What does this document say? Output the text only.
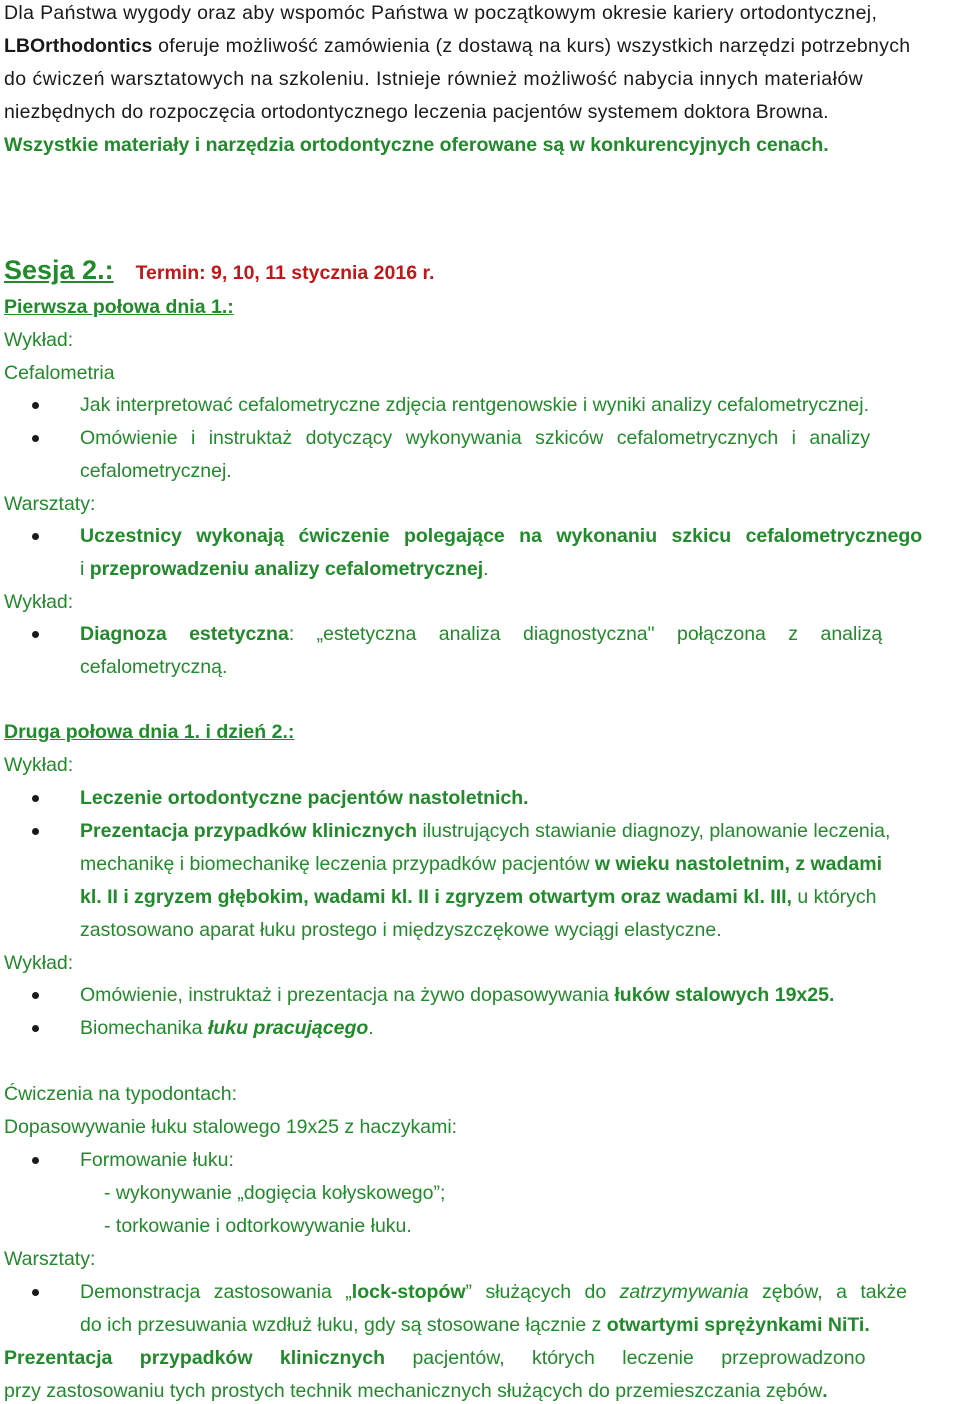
Dla Państwa wygody oraz aby wspomóc Państwa w początkowym okresie kariery ortodontycznej,
LBOrthodontics oferuje możliwość zamówienia (z dostawą na kurs) wszystkich narzędzi potrzebnych
do ćwiczeń warsztatowych na szkoleniu. Istnieje również możliwość nabycia innych materiałów
niezbędnych do rozpoczęcia ortodontycznego leczenia pacjentów systemem doktora Browna.
Wszystkie materiały i narzędzia ortodontyczne oferowane są w konkurencyjnych cenach.
Sesja 2.: Termin: 9, 10, 11 stycznia 2016 r.
Pierwsza połowa dnia 1.:
Wykład:
Cefalometria
Jak interpretować cefalometryczne zdjęcia rentgenowskie i wyniki analizy cefalometrycznej.
Omówienie i instruktaż dotyczący wykonywania szkiców cefalometrycznych i analizy
cefalometrycznej.
Warsztaty:
Uczestnicy wykonają ćwiczenie polegające na wykonaniu szkicu cefalometrycznego
i przeprowadzeniu analizy cefalometrycznej.
Wykład:
Diagnoza estetyczna: „estetyczna analiza diagnostyczna" połączona z analizą
cefalometryczną.
Druga połowa dnia 1. i dzień 2.:
Wykład:
Leczenie ortodontyczne pacjentów nastoletnich.
Prezentacja przypadków klinicznych ilustrujących stawianie diagnozy, planowanie leczenia,
mechanikę i biomechanikę leczenia przypadków pacjentów w wieku nastoletnim, z wadami
kl. II i zgryzem głębokim, wadami kl. II i zgryzem otwartym oraz wadami kl. III, u których
zastosowano aparat łuku prostego i międzyszczękowe wyciągi elastyczne.
Wykład:
Omówienie, instruktaż i prezentacja na żywo dopasowywania łuków stalowych 19x25.
Biomechanika łuku pracującego.
Ćwiczenia na typodontach:
Dopasowywanie łuku stalowego 19x25 z haczykami:
Formowanie łuku:
- wykonywanie „dogięcia kołyskowego”;
- torkowanie i odtorkowywanie łuku.
Warsztaty:
Demonstracja zastosowania „lock-stopów” służących do zatrzymywania zębów, a także
do ich przesuwania wzdłuż łuku, gdy są stosowane łącznie z otwartymi sprężynkami NiTi.
Prezentacja przypadków klinicznych pacjentów, których leczenie przeprowadzono
przy zastosowaniu tych prostych technik mechanicznych służących do przemieszczania zębów.
